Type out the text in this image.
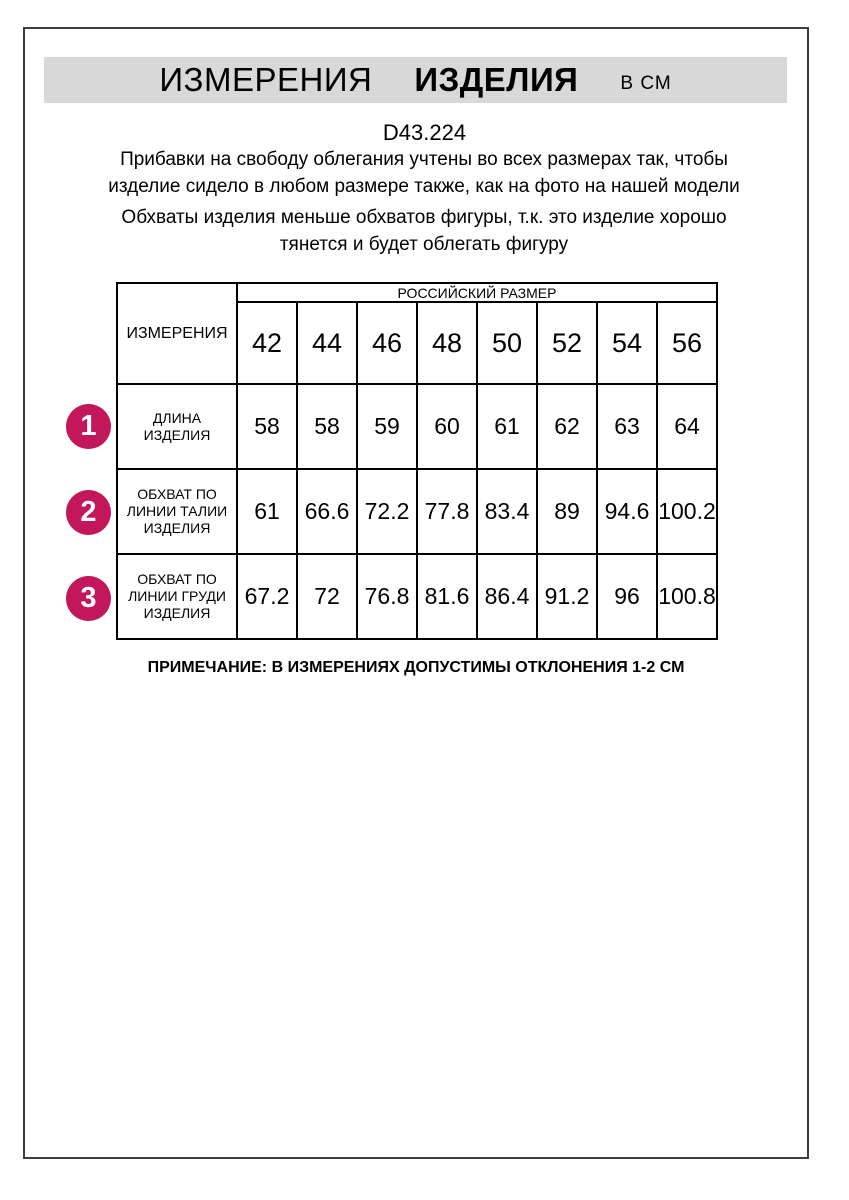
ИЗМЕРЕНИЯ ИЗДЕЛИЯ В СМ
D43.224

Прибавки на свободу облегания учтены во всех размерах так, чтобы изделие сидело в любом размере также, как на фото на нашей модели

Обхваты изделия меньше обхватов фигуры, т.к. это изделие хорошо тянется и будет облегать фигуру

ИЗМЕРЕНИЯ	РОССИЙСКИЙ РАЗМЕР							
	42	44	46	48	50	52	54	56
ДЛИНА ИЗДЕЛИЯ	58	58	59	60	61	62	63	64
ОБХВАТ ПО ЛИНИИ ТАЛИИ ИЗДЕЛИЯ	61	66.6	72.2	77.8	83.4	89	94.6	100.2
ОБХВАТ ПО ЛИНИИ ГРУДИ ИЗДЕЛИЯ	67.2	72	76.8	81.6	86.4	91.2	96	100.8
1
2
3
ПРИМЕЧАНИЕ: В ИЗМЕРЕНИЯХ ДОПУСТИМЫ ОТКЛОНЕНИЯ 1-2 СМ
